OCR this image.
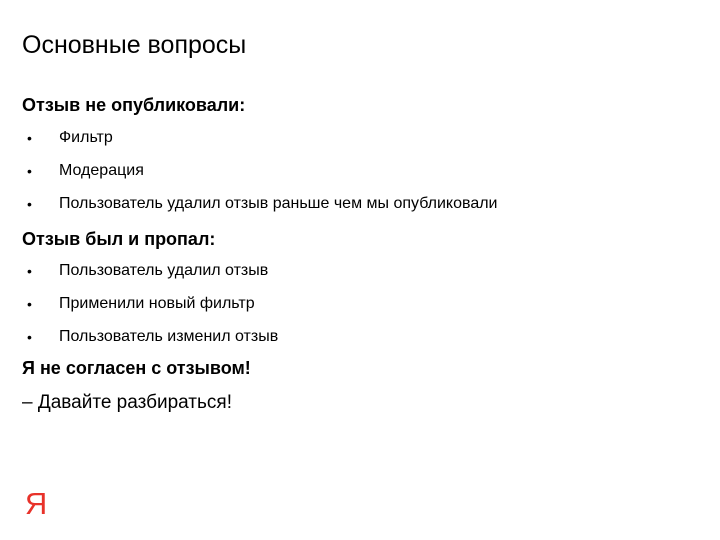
Основные вопросы
Отзыв не опубликовали:
• Фильтр
• Модерация
• Пользователь удалил отзыв раньше чем мы опубликовали
Отзыв был и пропал:
• Пользователь удалил отзыв
• Применили новый фильтр
• Пользователь изменил отзыв
Я не согласен с отзывом!
– Давайте разбираться!
Я
